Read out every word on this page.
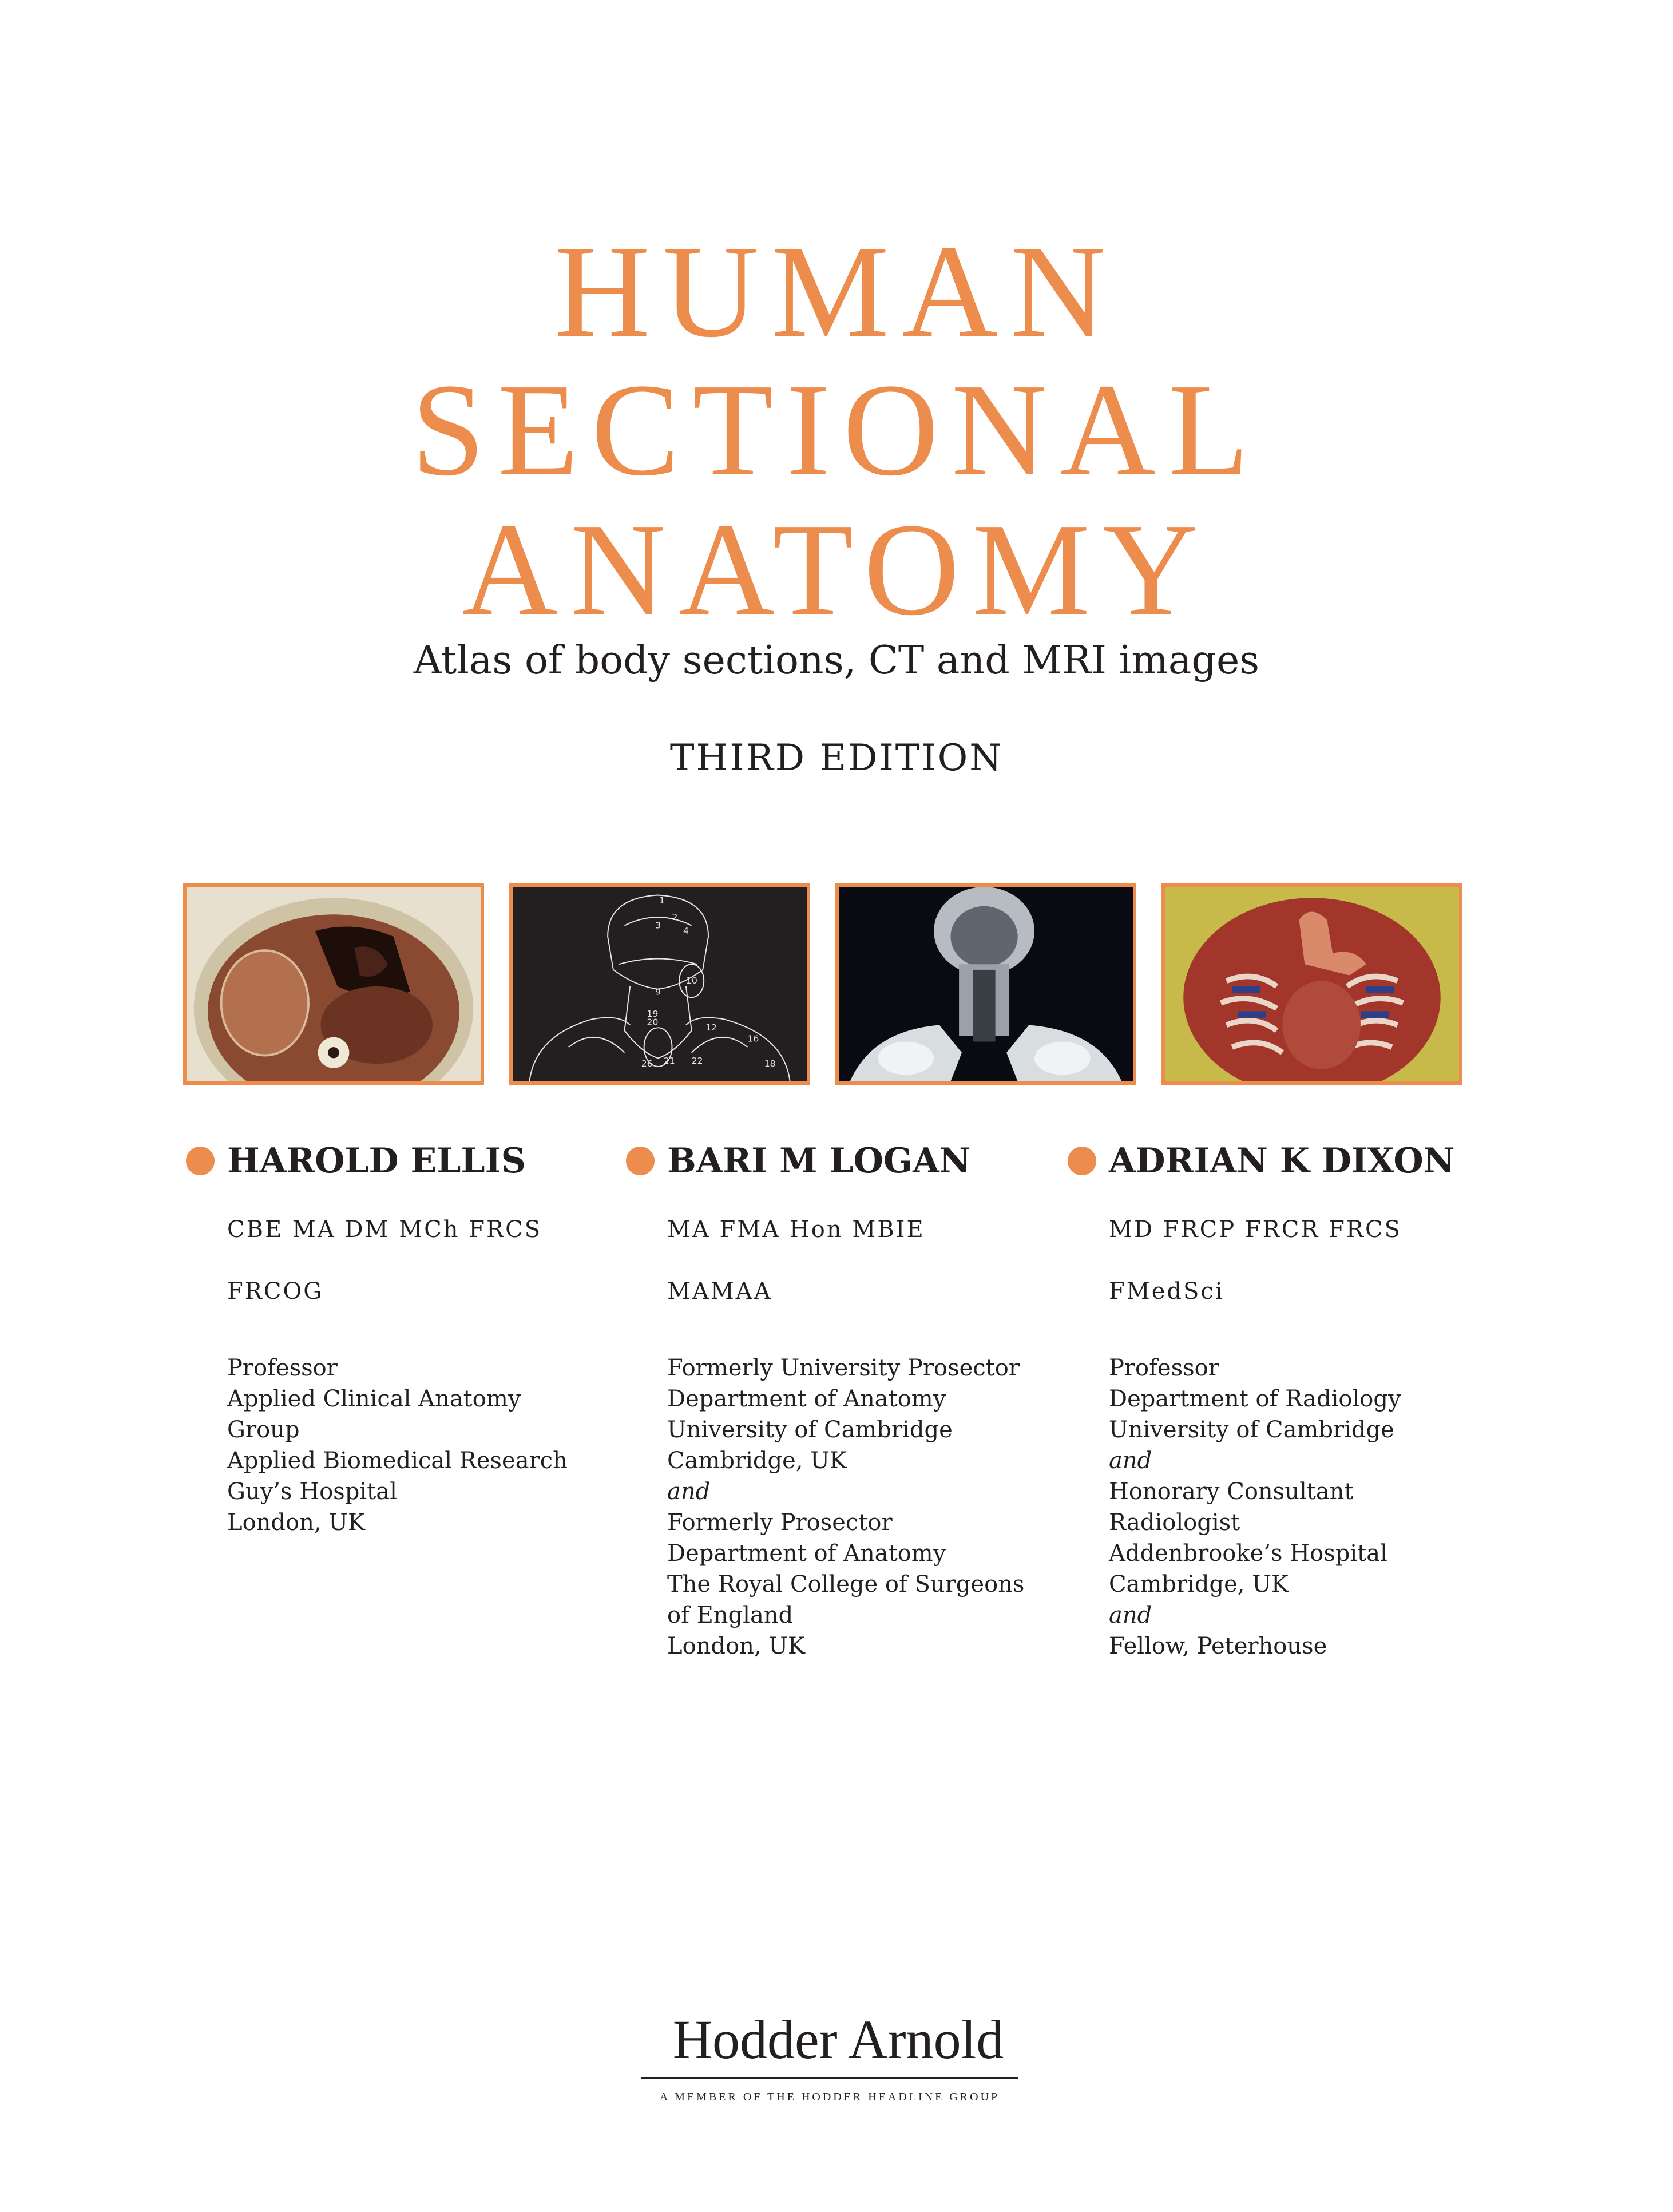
HUMAN
SECTIONAL
ANATOMY
Atlas of body sections, CT and MRI images
THIRD EDITION
2
3
4
9
10
12
16
18
19
20
21 22
26
1
HAROLD ELLIS

CBE MA DM MCh FRCS

FRCOG

Professor
Applied Clinical Anatomy
Group
Applied Biomedical Research
Guy’s Hospital
London, UK
BARI M LOGAN

MA FMA Hon MBIE

MAMAA

Formerly University Prosector
Department of Anatomy
University of Cambridge
Cambridge, UK
and
Formerly Prosector
Department of Anatomy
The Royal College of Surgeons
of England
London, UK
ADRIAN K DIXON

MD FRCP FRCR FRCS

FMedSci

Professor
Department of Radiology
University of Cambridge
and
Honorary Consultant
Radiologist
Addenbrooke’s Hospital
Cambridge, UK
and
Fellow, Peterhouse
Hodder Arnold
A MEMBER OF THE HODDER HEADLINE GROUP
